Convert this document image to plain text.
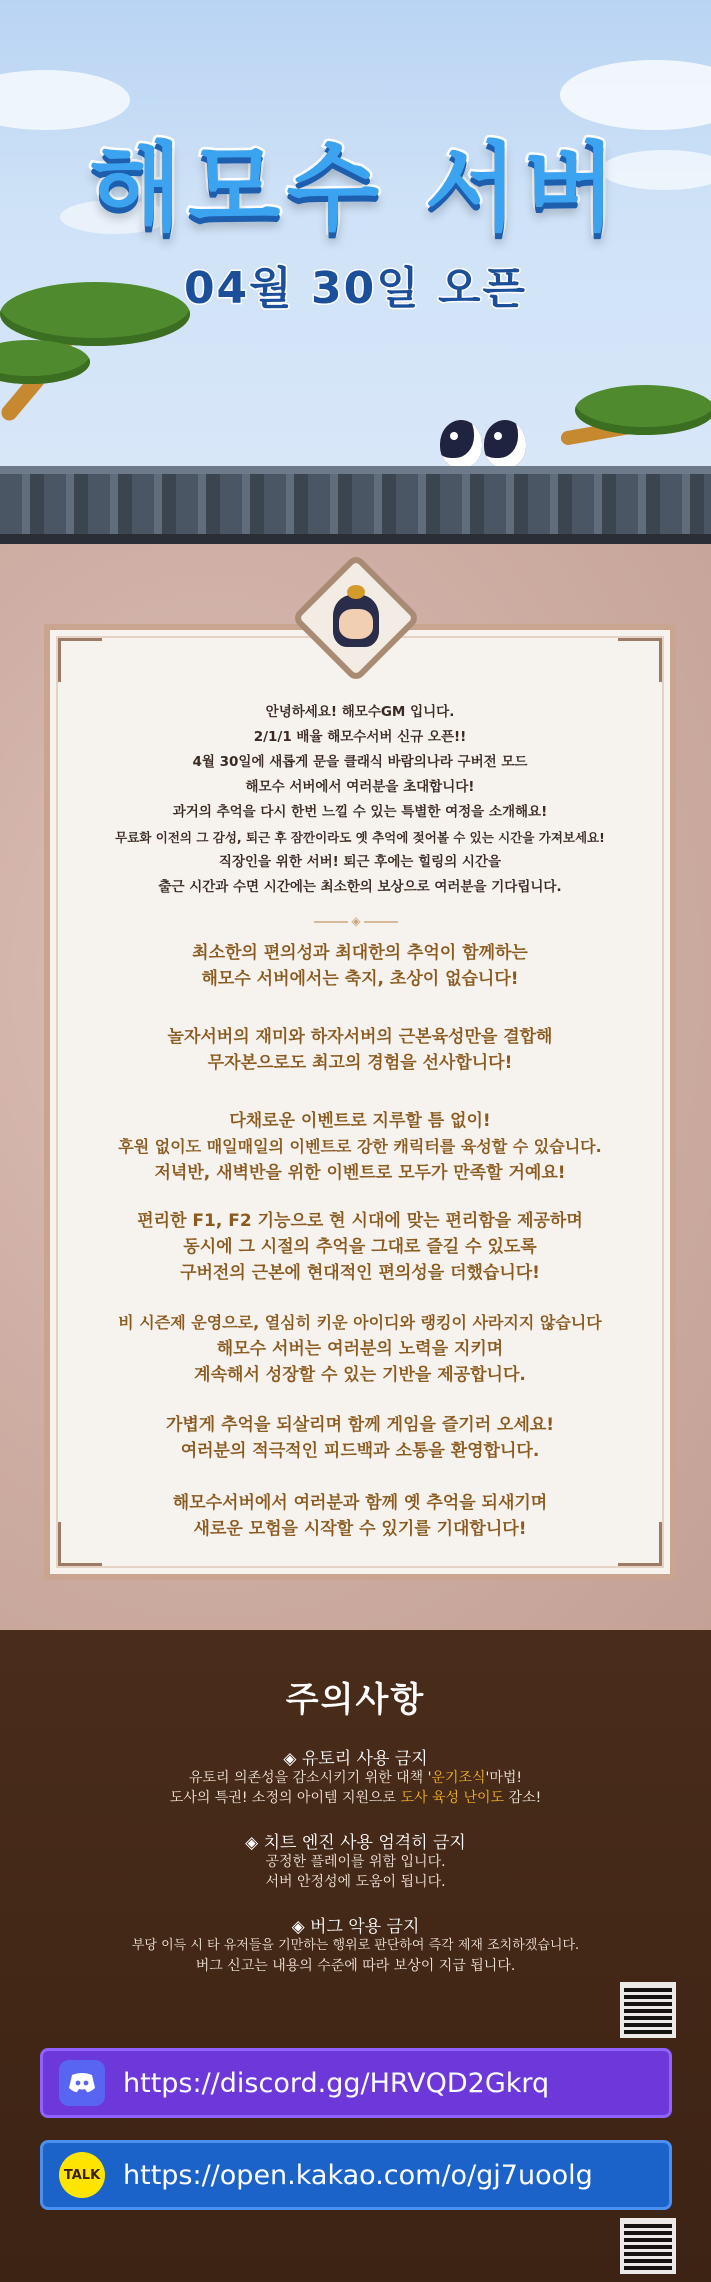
해모수 서버
04월 30일 오픈
안녕하세요! 해모수GM 입니다.
2/1/1 배율 해모수서버 신규 오픈!!
4월 30일에 새롭게 문을 클래식 바람의나라 구버전 모드
해모수 서버에서 여러분을 초대합니다!
과거의 추억을 다시 한번 느낄 수 있는 특별한 여정을 소개해요!
무료화 이전의 그 감성, 퇴근 후 잠깐이라도 옛 추억에 젖어볼 수 있는 시간을 가져보세요!
직장인을 위한 서버! 퇴근 후에는 힐링의 시간을
출근 시간과 수면 시간에는 최소한의 보상으로 여러분을 기다립니다.
◈
최소한의 편의성과 최대한의 추억이 함께하는
해모수 서버에서는 축지, 초상이 없습니다!
놀자서버의 재미와 하자서버의 근본육성만을 결합해
무자본으로도 최고의 경험을 선사합니다!
다채로운 이벤트로 지루할 틈 없이!
후원 없이도 매일매일의 이벤트로 강한 캐릭터를 육성할 수 있습니다.
저녁반, 새벽반을 위한 이벤트로 모두가 만족할 거예요!
편리한 F1, F2 기능으로 현 시대에 맞는 편리함을 제공하며
동시에 그 시절의 추억을 그대로 즐길 수 있도록
구버전의 근본에 현대적인 편의성을 더했습니다!
비 시즌제 운영으로, 열심히 키운 아이디와 랭킹이 사라지지 않습니다
해모수 서버는 여러분의 노력을 지키며
계속해서 성장할 수 있는 기반을 제공합니다.
가볍게 추억을 되살리며 함께 게임을 즐기러 오세요!
여러분의 적극적인 피드백과 소통을 환영합니다.
해모수서버에서 여러분과 함께 옛 추억을 되새기며
새로운 모험을 시작할 수 있기를 기대합니다!
주의사항
◈ 유토리 사용 금지
유토리 의존성을 감소시키기 위한 대책 '운기조식'마법!
도사의 특권! 소정의 아이템 지원으로 도사 육성 난이도 감소!
◈ 치트 엔진 사용 엄격히 금지
공정한 플레이를 위함 입니다.
서버 안정성에 도움이 됩니다.
◈ 버그 악용 금지
부당 이득 시 타 유저들을 기만하는 행위로 판단하여 즉각 제재 조치하겠습니다.
버그 신고는 내용의 수준에 따라 보상이 지급 됩니다.
https://discord.gg/HRVQD2Gkrq
TALK https://open.kakao.com/o/gj7uoolg
